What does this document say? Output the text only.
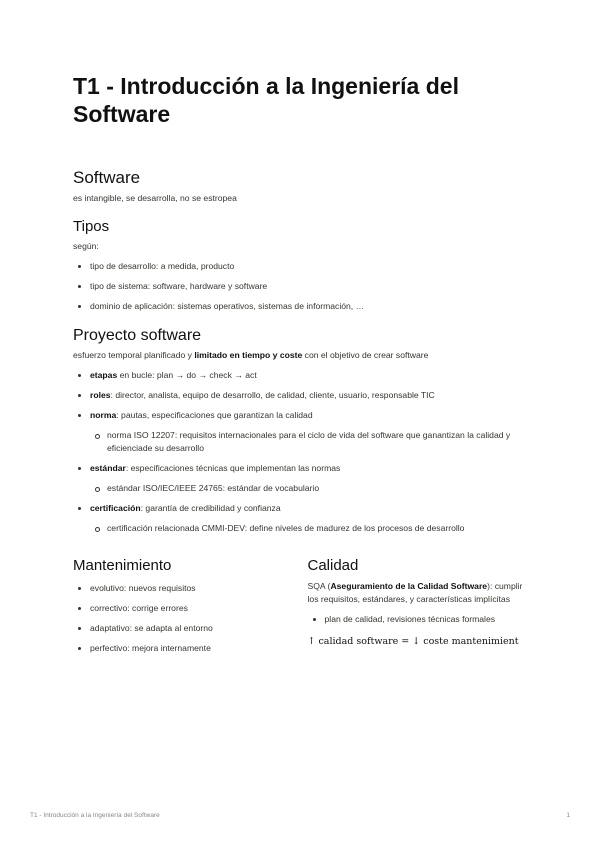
T1 - Introducción a la Ingeniería del Software
Software

es intangible, se desarrolla, no se estropea

Tipos

según:

tipo de desarrollo: a medida, producto
tipo de sistema: software, hardware y software
dominio de aplicación: sistemas operativos, sistemas de información, …
Proyecto software

esfuerzo temporal planificado y limitado en tiempo y coste con el objetivo de crear software

etapas en bucle: plan → do → check → act
roles: director, analista, equipo de desarrollo, de calidad, cliente, usuario, responsable TIC
norma: pautas, especificaciones que garantizan la calidad
norma ISO 12207: requisitos internacionales para el ciclo de vida del software que ganantizan la calidad y eficienciade su desarrollo
estándar: especificaciones técnicas que implementan las normas
estándar ISO/IEC/IEEE 24765: estándar de vocabulario
certificación: garantía de credibilidad y confianza
certificación relacionada CMMI-DEV: define niveles de madurez de los procesos de desarrollo
Mantenimiento
evolutivo: nuevos requisitos
correctivo: corrige errores
adaptativo: se adapta al entorno
perfectivo: mejora internamente
Calidad

SQA (Aseguramiento de la Calidad Software): cumplir los requisitos, estándares, y características implícitas

plan de calidad, revisiones técnicas formales
↑ calidad software = ↓ coste mantenimient
T1 - Introducción a la Ingeniería del Software	1
